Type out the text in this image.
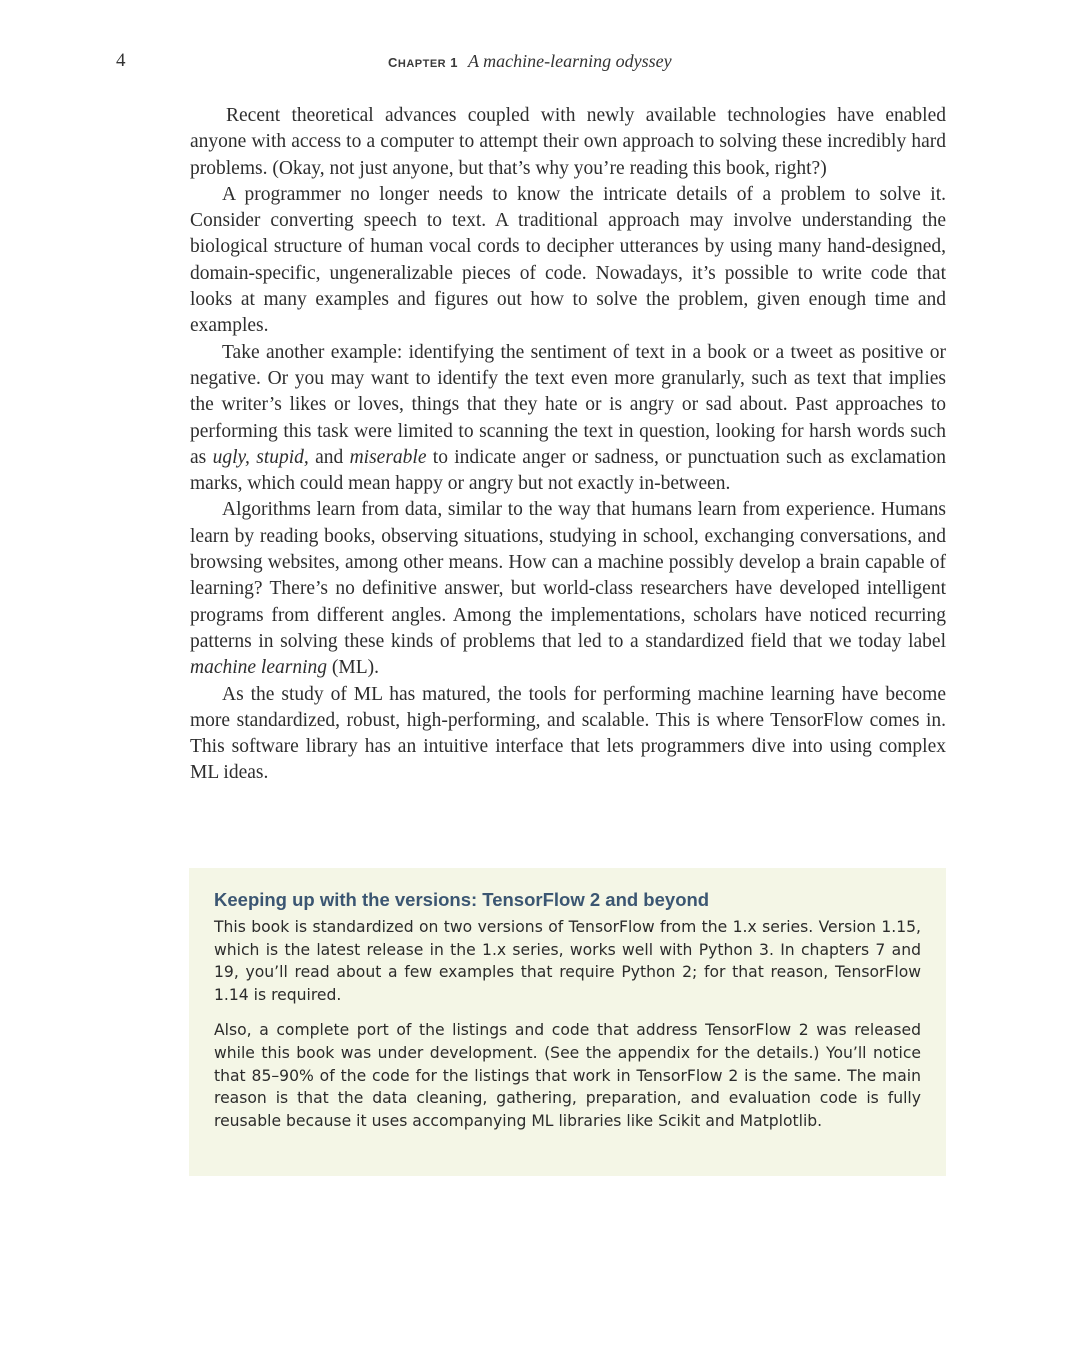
4	CHAPTER 1 A machine-learning odyssey

Recent theoretical advances coupled with newly available technologies have enabled anyone with access to a computer to attempt their own approach to solving these incredibly hard problems. (Okay, not just anyone, but that’s why you’re reading this book, right?)

A programmer no longer needs to know the intricate details of a problem to solve it. Consider converting speech to text. A traditional approach may involve understanding the biological structure of human vocal cords to decipher utterances by using many hand-designed, domain-specific, ungeneralizable pieces of code. Nowadays, it’s possible to write code that looks at many examples and figures out how to solve the problem, given enough time and examples.

Take another example: identifying the sentiment of text in a book or a tweet as positive or negative. Or you may want to identify the text even more granularly, such as text that implies the writer’s likes or loves, things that they hate or is angry or sad about. Past approaches to performing this task were limited to scanning the text in question, looking for harsh words such as ugly, stupid, and miserable to indicate anger or sadness, or punctuation such as exclamation marks, which could mean happy or angry but not exactly in-between.

Algorithms learn from data, similar to the way that humans learn from experience. Humans learn by reading books, observing situations, studying in school, exchanging conversations, and browsing websites, among other means. How can a machine possibly develop a brain capable of learning? There’s no definitive answer, but world-class researchers have developed intelligent programs from different angles. Among the implementations, scholars have noticed recurring patterns in solving these kinds of problems that led to a standardized field that we today label machine learning (ML).

As the study of ML has matured, the tools for performing machine learning have become more standardized, robust, high-performing, and scalable. This is where TensorFlow comes in. This software library has an intuitive interface that lets programmers dive into using complex ML ideas.

Keeping up with the versions: TensorFlow 2 and beyond

This book is standardized on two versions of TensorFlow from the 1.x series. Version 1.15, which is the latest release in the 1.x series, works well with Python 3. In chapters 7 and 19, you’ll read about a few examples that require Python 2; for that reason, TensorFlow 1.14 is required.

Also, a complete port of the listings and code that address TensorFlow 2 was released while this book was under development. (See the appendix for the details.) You’ll notice that 85–90% of the code for the listings that work in TensorFlow 2 is the same. The main reason is that the data cleaning, gathering, preparation, and evaluation code is fully reusable because it uses accompanying ML libraries like Scikit and Matplotlib.
